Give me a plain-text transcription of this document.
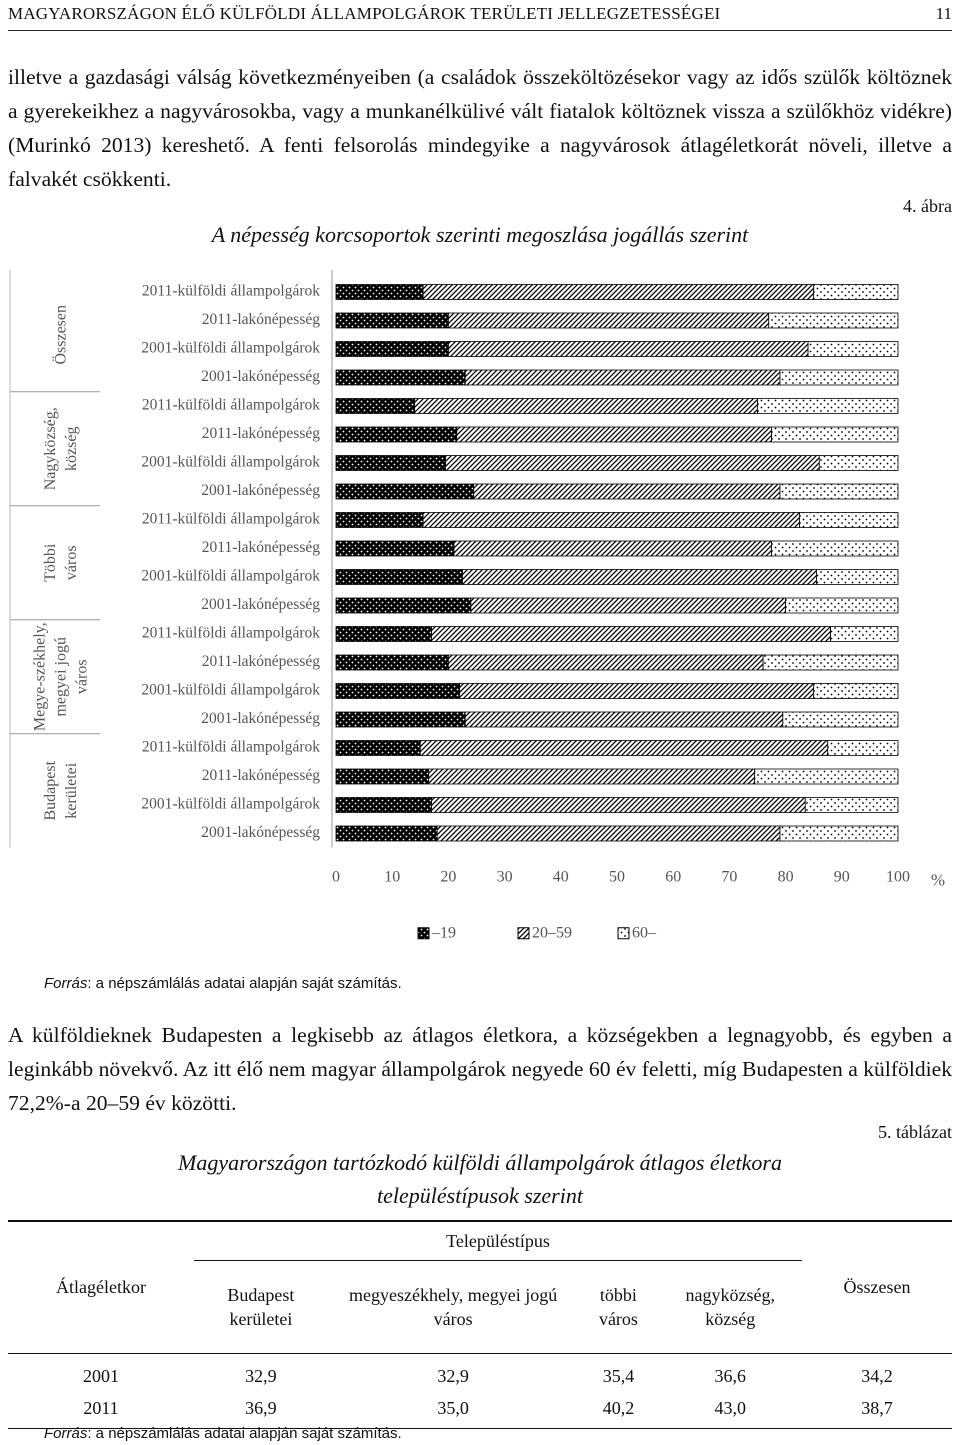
MAGYARORSZÁGON ÉLŐ KÜLFÖLDI ÁLLAMPOLGÁROK TERÜLETI JELLEGZETESSÉGEI	11

illetve a gazdasági válság következményeiben (a családok összeköltözésekor vagy az idős szülők költöznek a gyerekeikhez a nagyvárosokba, vagy a munkanélkülivé vált fiatalok költöznek vissza a szülőkhöz vidékre) (Murinkó 2013) kereshető. A fenti felsorolás mindegyike a nagyvárosok átlagéletkorát növeli, illetve a falvakét csökkenti.

4. ábra
A népesség korcsoportok szerinti megoszlása jogállás szerint
Összesen
Nagyközség, község
Többi város
Megye-székhely, megyei jogú város
Budapest kerületei
2011-külföldi állampolgárok
2011-lakónépesség
2001-külföldi állampolgárok
2001-lakónépesség
2011-külföldi állampolgárok
2011-lakónépesség
2001-külföldi állampolgárok
2001-lakónépesség
2011-külföldi állampolgárok
2011-lakónépesség
2001-külföldi állampolgárok
2001-lakónépesség
2011-külföldi állampolgárok
2011-lakónépesség
2001-külföldi állampolgárok
2001-lakónépesség
2011-külföldi állampolgárok
2011-lakónépesség
2001-külföldi állampolgárok
2001-lakónépesség
0	10	20	30	40	50	60	70	80	90 100 %
–19	20–59	60–
Forrás: a népszámlálás adatai alapján saját számítás.

A külföldieknek Budapesten a legkisebb az átlagos életkora, a községekben a legnagyobb, és egyben a leginkább növekvő. Az itt élő nem magyar állampolgárok negyede 60 év feletti, míg Budapesten a külföldiek 72,2%-a 20–59 év közötti.

5. táblázat
Magyarországon tartózkodó külföldi állampolgárok átlagos életkora
településtípusok szerint
Átlagéletkor	Településtípus				Összesen
	Budapest kerületei	megyeszékhely, megyei jogú város	többi város	nagyközség, község	
2001	32,9	32,9	35,4	36,6	34,2
2011	36,9	35,0	40,2	43,0	38,7
Forrás: a népszámlálás adatai alapján saját számítás.
